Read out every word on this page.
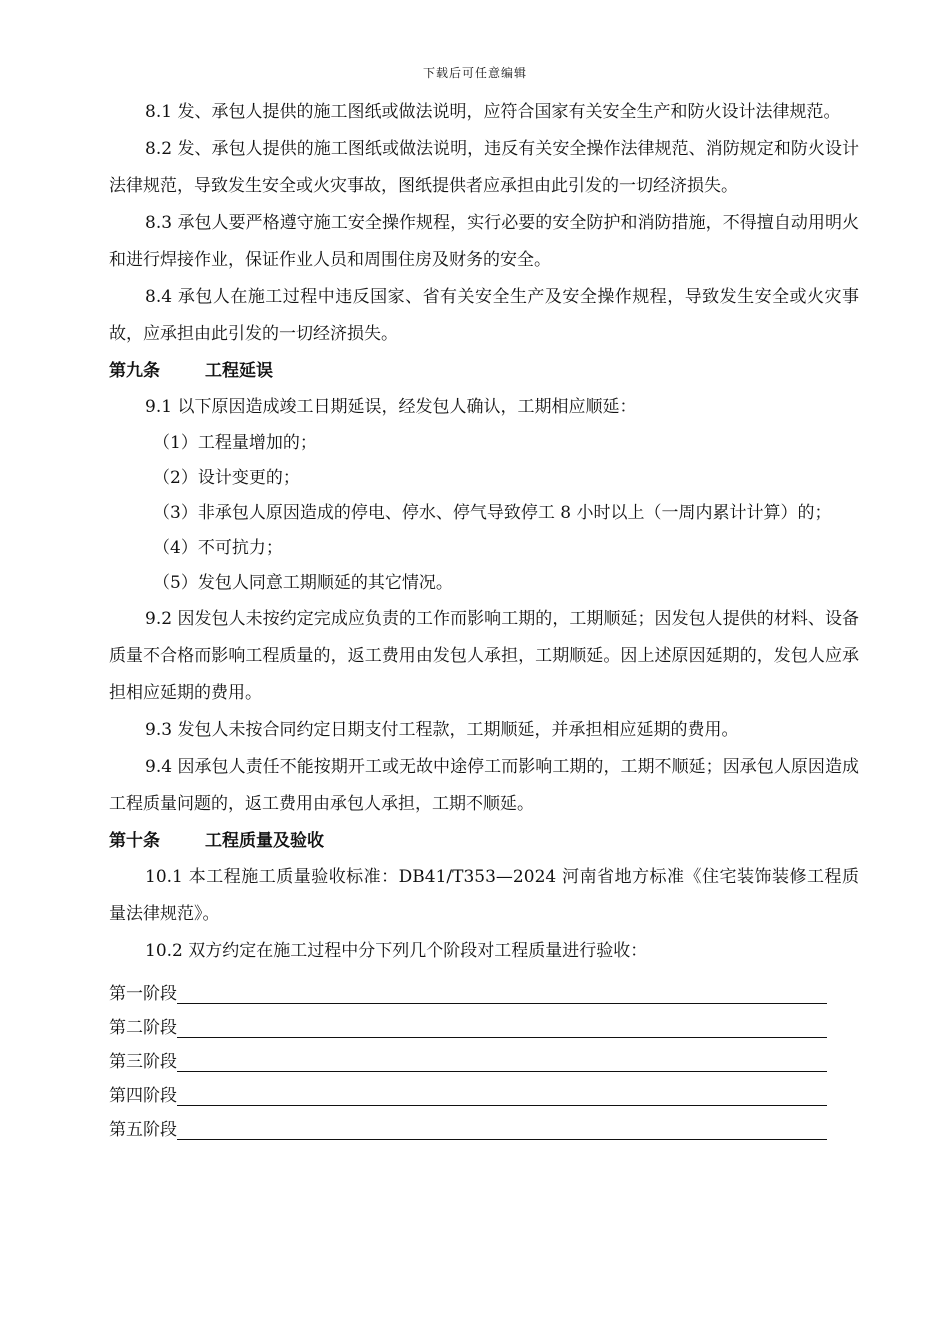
下载后可任意编辑

8.1 发、承包人提供的施工图纸或做法说明，应符合国家有关安全生产和防火设计法律规范。

8.2 发、承包人提供的施工图纸或做法说明，违反有关安全操作法律规范、消防规定和防火设计法律规范，导致发生安全或火灾事故，图纸提供者应承担由此引发的一切经济损失。

8.3 承包人要严格遵守施工安全操作规程，实行必要的安全防护和消防措施，不得擅自动用明火和进行焊接作业，保证作业人员和周围住房及财务的安全。

8.4 承包人在施工过程中违反国家、省有关安全生产及安全操作规程，导致发生安全或火灾事故，应承担由此引发的一切经济损失。

第九条	工程延误

9.1 以下原因造成竣工日期延误，经发包人确认，工期相应顺延：

（1）工程量增加的；

（2）设计变更的；

（3）非承包人原因造成的停电、停水、停气导致停工 8 小时以上（一周内累计计算）的；

（4）不可抗力；

（5）发包人同意工期顺延的其它情况。

9.2 因发包人未按约定完成应负责的工作而影响工期的，工期顺延；因发包人提供的材料、设备质量不合格而影响工程质量的，返工费用由发包人承担，工期顺延。因上述原因延期的，发包人应承担相应延期的费用。

9.3 发包人未按合同约定日期支付工程款，工期顺延，并承担相应延期的费用。

9.4 因承包人责任不能按期开工或无故中途停工而影响工期的，工期不顺延；因承包人原因造成工程质量问题的，返工费用由承包人承担，工期不顺延。

第十条	工程质量及验收

10.1 本工程施工质量验收标准：DB41/T353—2024 河南省地方标准《住宅装饰装修工程质量法律规范》。

10.2 双方约定在施工过程中分下列几个阶段对工程质量进行验收：

第一阶段
第二阶段
第三阶段
第四阶段
第五阶段
